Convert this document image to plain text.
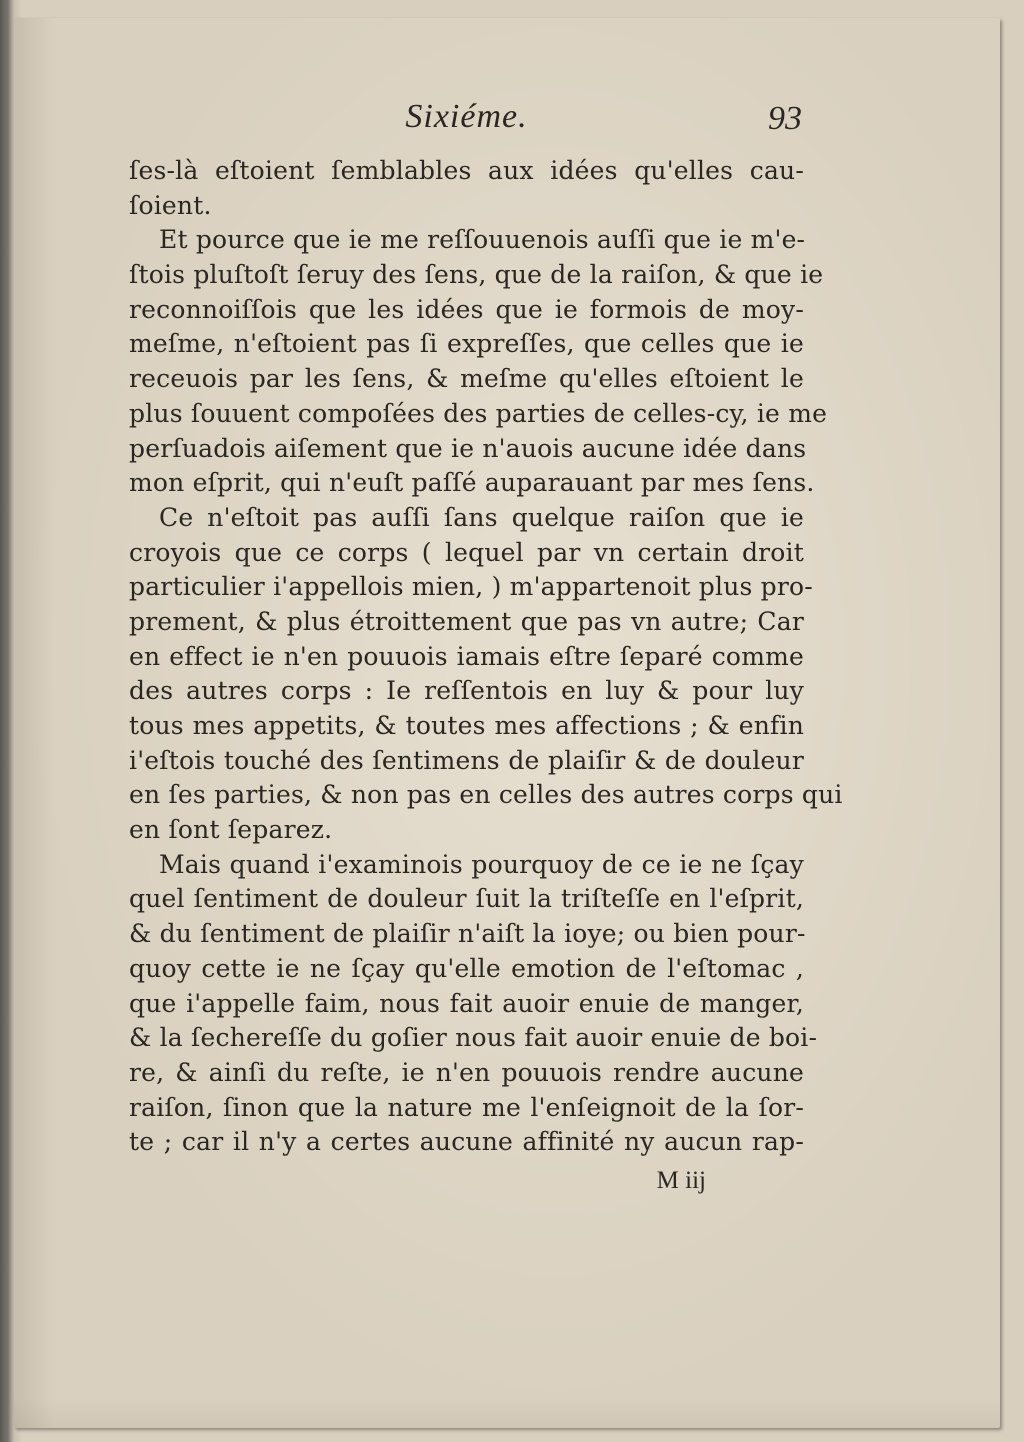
Sixiéme.	93
ſes-là eſtoient ſemblables aux idées qu'elles cau-
ſoient.
Et pource que ie me reſſouuenois auſſi que ie m'e-
ſtois pluſtoſt ſeruy des ſens, que de la raiſon, & que ie
reconnoiſſois que les idées que ie formois de moy-
meſme, n'eſtoient pas ſi expreſſes, que celles que ie
receuois par les ſens, & meſme qu'elles eſtoient le
plus ſouuent compoſées des parties de celles-cy, ie me
perſuadois aiſement que ie n'auois aucune idée dans
mon eſprit, qui n'euſt paſſé auparauant par mes ſens.
Ce n'eſtoit pas auſſi ſans quelque raiſon que ie
croyois que ce corps ( lequel par vn certain droit
particulier i'appellois mien, ) m'appartenoit plus pro-
prement, & plus étroittement que pas vn autre; Car
en effect ie n'en pouuois iamais eſtre ſeparé comme
des autres corps : Ie reſſentois en luy & pour luy
tous mes appetits, & toutes mes affections ; & enfin
i'eſtois touché des ſentimens de plaiſir & de douleur
en ſes parties, & non pas en celles des autres corps qui
en ſont ſeparez.
Mais quand i'examinois pourquoy de ce ie ne ſçay
quel ſentiment de douleur ſuit la triſteſſe en l'eſprit,
& du ſentiment de plaiſir n'aiſt la ioye; ou bien pour-
quoy cette ie ne ſçay qu'elle emotion de l'eſtomac ,
que i'appelle faim, nous fait auoir enuie de manger,
& la ſechereſſe du goſier nous fait auoir enuie de boi-
re, & ainſi du reſte, ie n'en pouuois rendre aucune
raiſon, ſinon que la nature me l'enſeignoit de la ſor-
te ; car il n'y a certes aucune affinité ny aucun rap-
M iij
